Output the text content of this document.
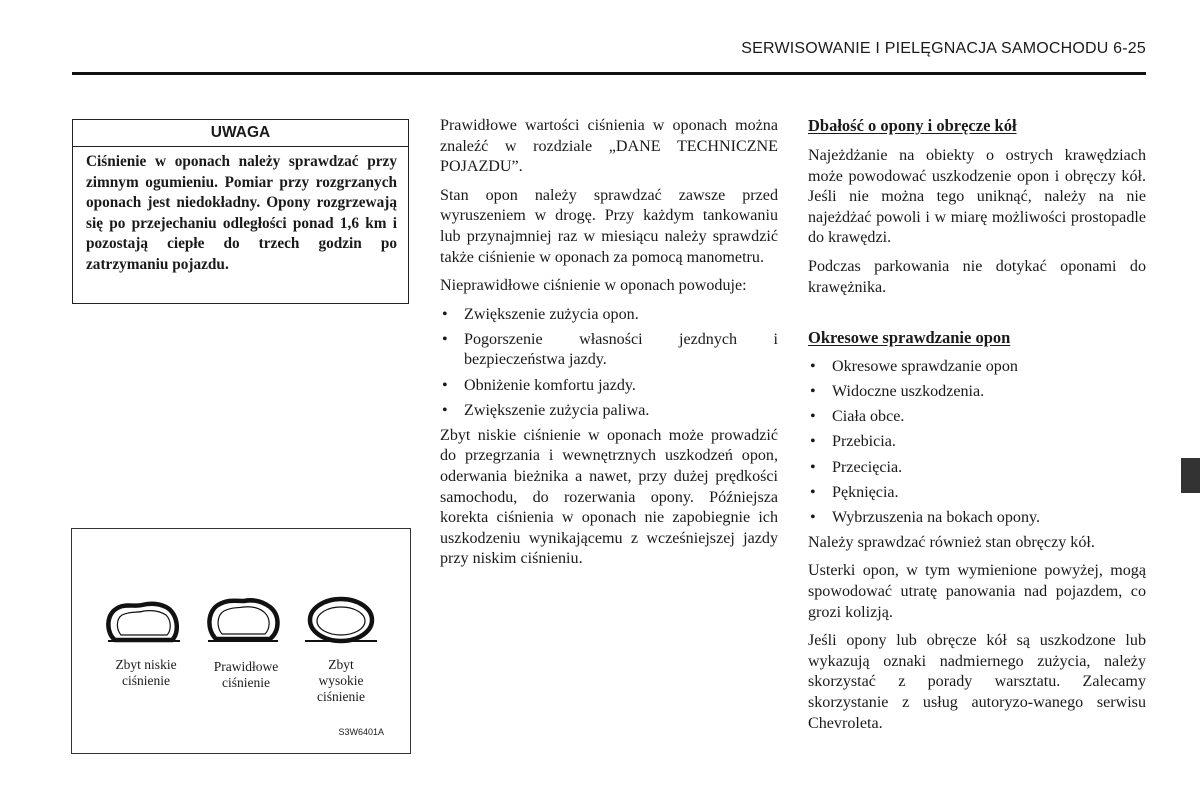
SERWISOWANIE I PIELĘGNACJA SAMOCHODU 6-25
UWAGA
Ciśnienie w oponach należy sprawdzać przy zimnym ogumieniu. Pomiar przy rozgrzanych oponach jest niedokładny. Opony rozgrzewają się po przejechaniu odległości ponad 1,6 km i pozostają ciepłe do trzech godzin po zatrzymaniu pojazdu.
Zbyt niskie ciśnienie
Prawidłowe ciśnienie
Zbyt wysokie ciśnienie
S3W6401A

Prawidłowe wartości ciśnienia w oponach można znaleźć w rozdziale „DANE TECHNICZNE POJAZDU”.

Stan opon należy sprawdzać zawsze przed wyruszeniem w drogę. Przy każdym tankowaniu lub przynajmniej raz w miesiącu należy sprawdzić także ciśnienie w oponach za pomocą manometru.

Nieprawidłowe ciśnienie w oponach powoduje:

• Zwiększenie zużycia opon.
• Pogorszenie własności jezdnych i bezpieczeństwa jazdy.
• Obniżenie komfortu jazdy.
• Zwiększenie zużycia paliwa.

Zbyt niskie ciśnienie w oponach może prowadzić do przegrzania i wewnętrznych uszkodzeń opon, oderwania bieżnika a nawet, przy dużej prędkości samochodu, do rozerwania opony. Późniejsza korekta ciśnienia w oponach nie zapobiegnie ich uszkodzeniu wynikającemu z wcześniejszej jazdy przy niskim ciśnieniu.

Dbałość o opony i obręcze kół

Najeżdżanie na obiekty o ostrych krawędziach może powodować uszkodzenie opon i obręczy kół. Jeśli nie można tego uniknąć, należy na nie najeżdżać powoli i w miarę możliwości prostopadle do krawędzi.

Podczas parkowania nie dotykać oponami do krawężnika.

Okresowe sprawdzanie opon
• Okresowe sprawdzanie opon
• Widoczne uszkodzenia.
• Ciała obce.
• Przebicia.
• Przecięcia.
• Pęknięcia.
• Wybrzuszenia na bokach opony.

Należy sprawdzać również stan obręczy kół.

Usterki opon, w tym wymienione powyżej, mogą spowodować utratę panowania nad pojazdem, co grozi kolizją.

Jeśli opony lub obręcze kół są uszkodzone lub wykazują oznaki nadmiernego zużycia, należy skorzystać z porady warsztatu. Zalecamy skorzystanie z usług autoryzo-wanego serwisu Chevroleta.
